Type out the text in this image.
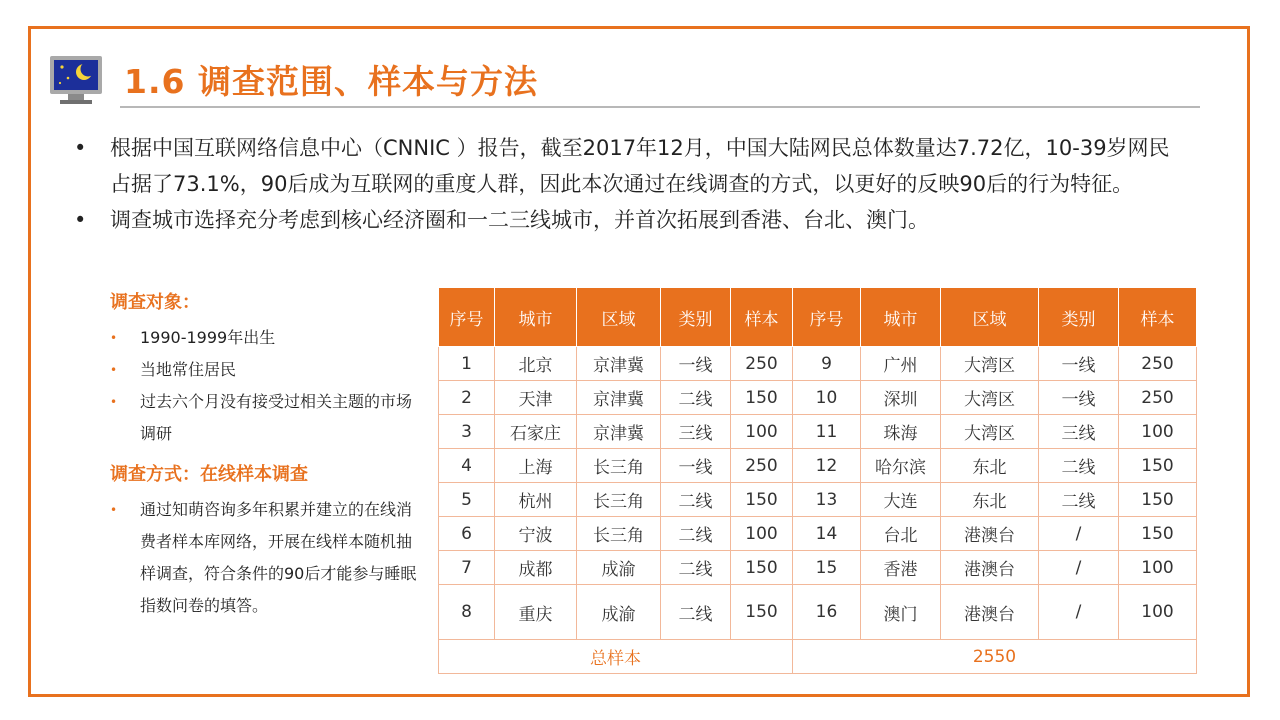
1.6 调查范围、样本与方法
•	根据中国互联网络信息中心（CNNIC ）报告，截至2017年12月，中国大陆网民总体数量达7.72亿，10-39岁网民占据了73.1%，90后成为互联网的重度人群，因此本次通过在线调查的方式，以更好的反映90后的行为特征。
•	调查城市选择充分考虑到核心经济圈和一二三线城市，并首次拓展到香港、台北、澳门。
调查对象：
•	1990-1999年出生
•	当地常住居民
•	过去六个月没有接受过相关主题的市场调研
调查方式：在线样本调查
•	通过知萌咨询多年积累并建立的在线消费者样本库网络，开展在线样本随机抽样调查，符合条件的90后才能参与睡眠指数问卷的填答。
序号	城市	区域	类别	样本	序号	城市	区域	类别	样本
1	北京	京津冀	一线	250	9	广州	大湾区	一线	250
2	天津	京津冀	二线	150	10	深圳	大湾区	一线	250
3	石家庄	京津冀	三线	100	11	珠海	大湾区	三线	100
4	上海	长三角	一线	250	12	哈尔滨	东北	二线	150
5	杭州	长三角	二线	150	13	大连	东北	二线	150
6	宁波	长三角	二线	100	14	台北	港澳台	/	150
7	成都	成渝	二线	150	15	香港	港澳台	/	100
8	重庆	成渝	二线	150	16	澳门	港澳台	/	100
总样本					2550				
